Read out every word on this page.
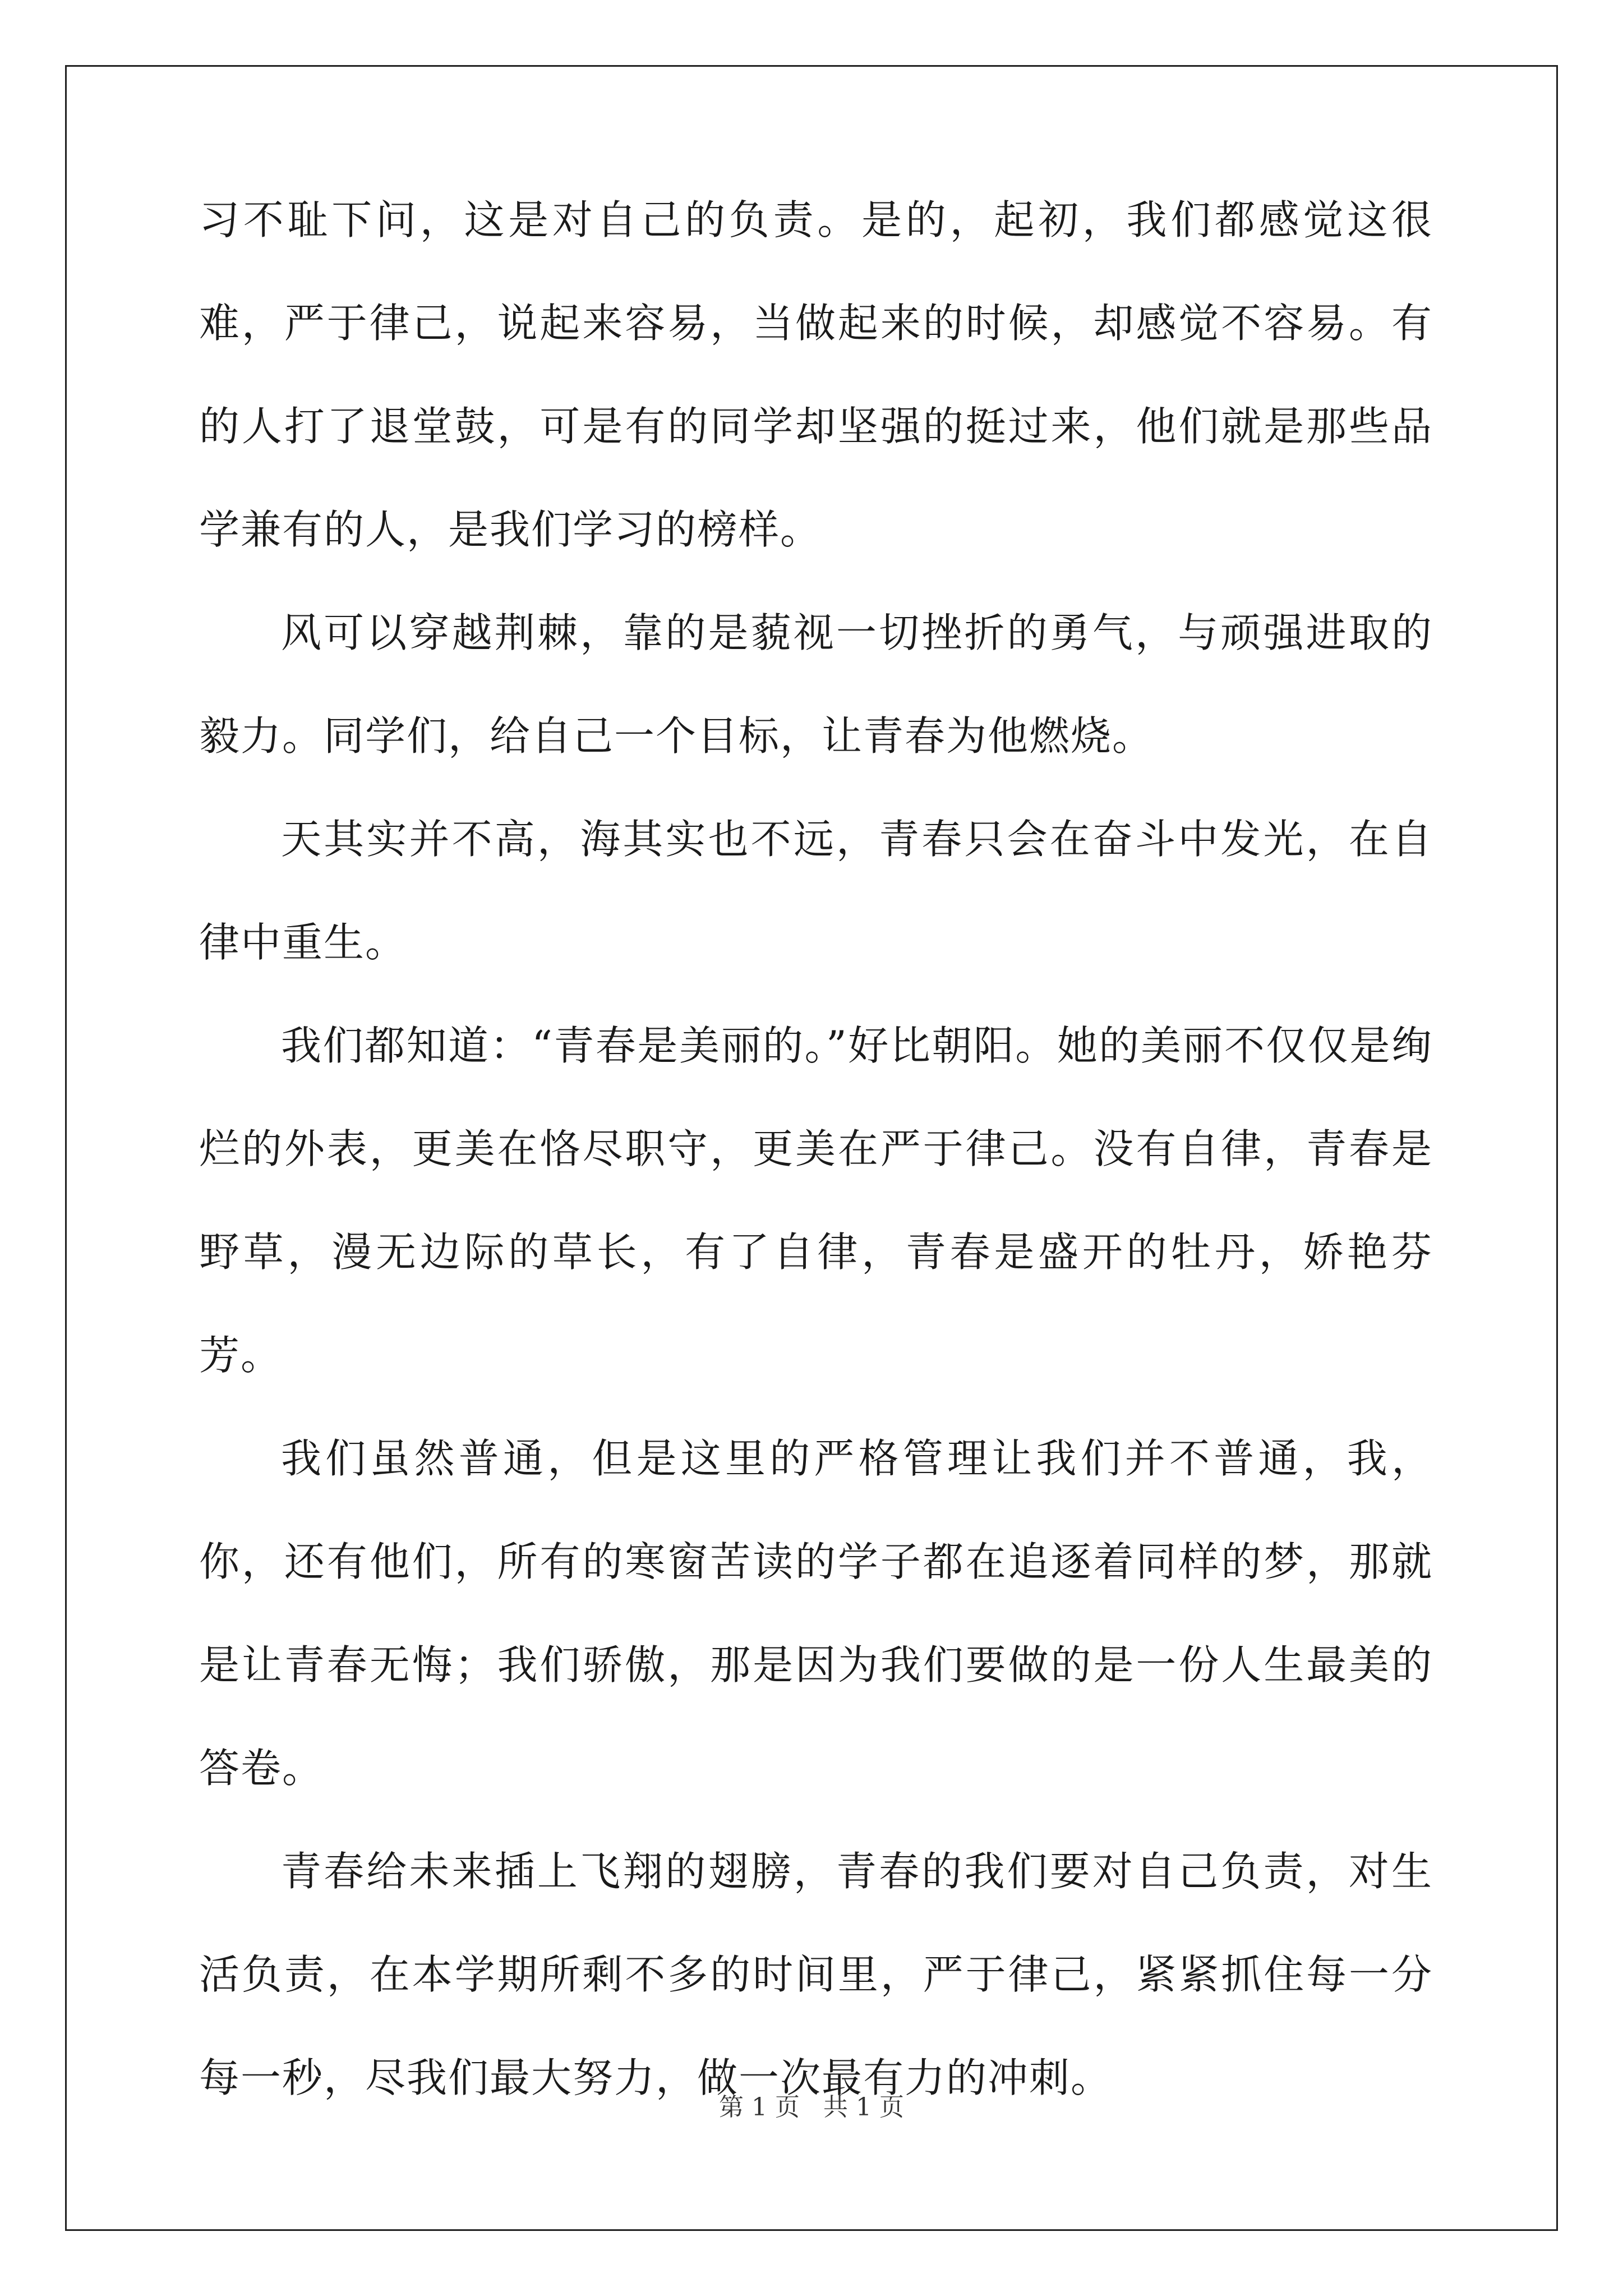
习不耻下问，这是对自己的负责。是的，起初，我们都感觉这很难，严于律己，说起来容易，当做起来的时候，却感觉不容易。有的人打了退堂鼓，可是有的同学却坚强的挺过来，他们就是那些品学兼有的人，是我们学习的榜样。

风可以穿越荆棘，靠的是藐视一切挫折的勇气，与顽强进取的毅力。同学们，给自己一个目标，让青春为他燃烧。

天其实并不高，海其实也不远，青春只会在奋斗中发光，在自律中重生。

我们都知道：“青春是美丽的。”好比朝阳。她的美丽不仅仅是绚烂的外表，更美在恪尽职守，更美在严于律己。没有自律，青春是野草，漫无边际的草长，有了自律，青春是盛开的牡丹，娇艳芬芳。

我们虽然普通，但是这里的严格管理让我们并不普通，我，你，还有他们，所有的寒窗苦读的学子都在追逐着同样的梦，那就是让青春无悔；我们骄傲，那是因为我们要做的是一份人生最美的答卷。

青春给未来插上飞翔的翅膀，青春的我们要对自己负责，对生活负责，在本学期所剩不多的时间里，严于律己，紧紧抓住每一分每一秒，尽我们最大努力，做一次最有力的冲刺。

第 1 页 共 1 页
